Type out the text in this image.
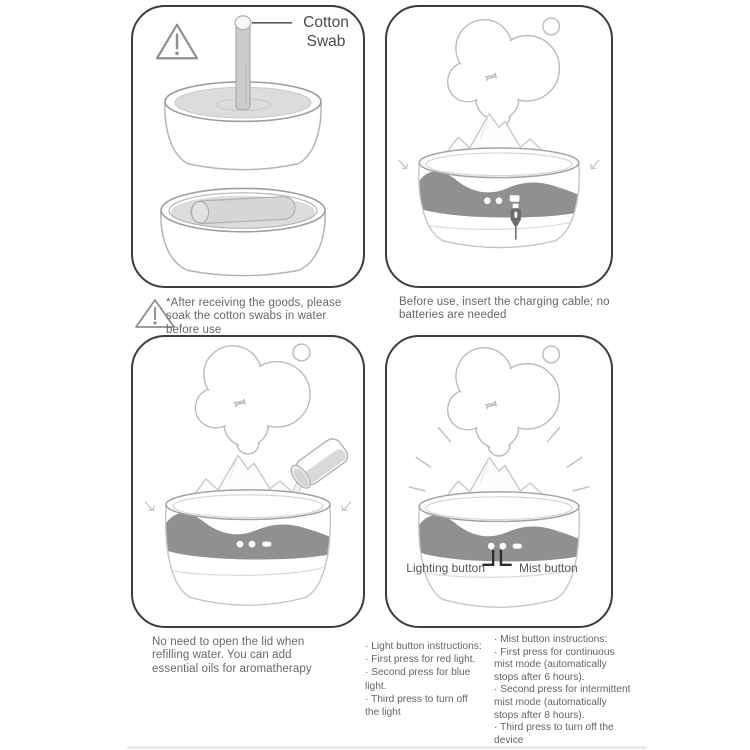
Cotton Swab
Lighting button	Mist button
*After receiving the goods, please soak the cotton swabs in water before use
Before use, insert the charging cable; no batteries are needed
No need to open the lid when refilling water. You can add essential oils for aromatherapy
· Light button instructions:
· First press for red light.
· Second press for blue
light.
· Third press to turn off
the light
· Mist button instructions:
· First press for continuous
mist mode (automatically
stops after 6 hours).
· Second press for intermittent
mist mode (automatically
stops after 8 hours).
· Third press to turn off the
device
